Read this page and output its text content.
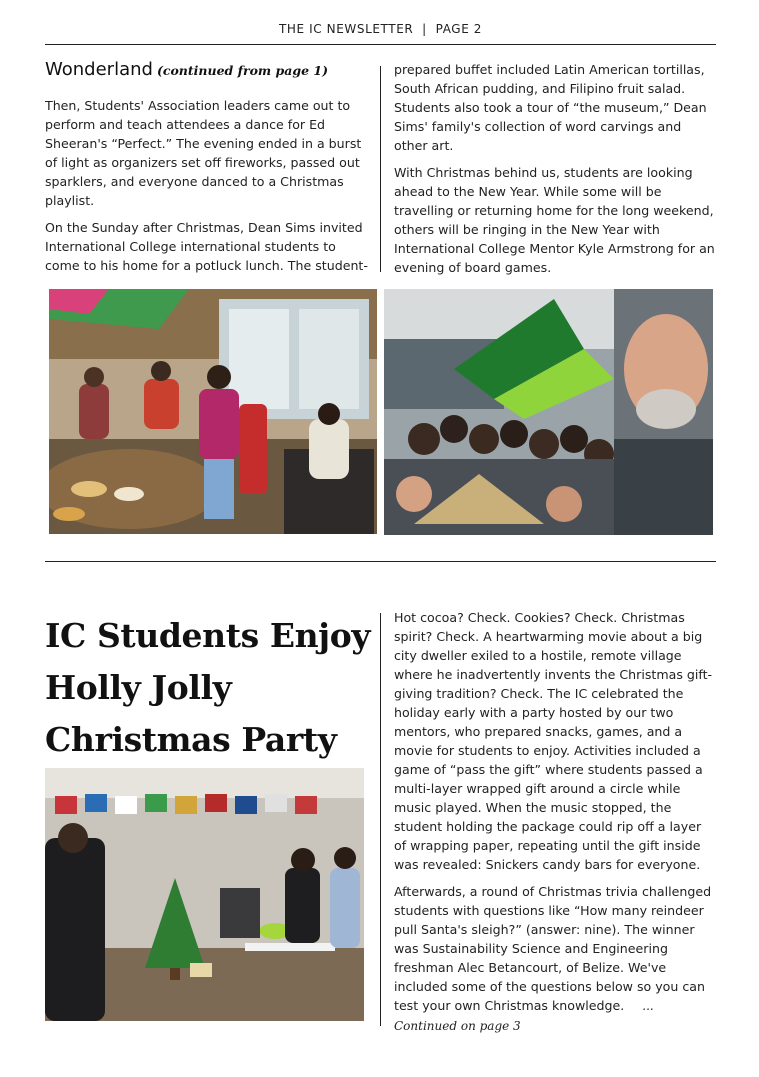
THE IC NEWSLETTER  |  PAGE 2
Wonderland (continued from page 1)

Then, Students' Association leaders came out to perform and teach attendees a dance for Ed Sheeran's “Perfect.” The evening ended in a burst of light as organizers set off fireworks, passed out sparklers, and everyone danced to a Christmas playlist.

On the Sunday after Christmas, Dean Sims invited International College international students to come to his home for a potluck lunch. The student-

prepared buffet included Latin American tortillas, South African pudding, and Filipino fruit salad. Students also took a tour of “the museum,” Dean Sims' family's collection of word carvings and other art.

With Christmas behind us, students are looking ahead to the New Year. While some will be travelling or returning home for the long weekend, others will be ringing in the New Year with International College Mentor Kyle Armstrong for an evening of board games.

IC Students Enjoy Holly Jolly Christmas Party

Hot cocoa? Check. Cookies? Check. Christmas spirit? Check. A heartwarming movie about a big city dweller exiled to a hostile, remote village where he inadvertently invents the Christmas gift-giving tradition? Check. The IC celebrated the holiday early with a party hosted by our two mentors, who prepared snacks, games, and a movie for students to enjoy. Activities included a game of “pass the gift” where students passed a multi-layer wrapped gift around a circle while music played. When the music stopped, the student holding the package could rip off a layer of wrapping paper, repeating until the gift inside was revealed: Snickers candy bars for everyone.

Afterwards, a round of Christmas trivia challenged students with questions like “How many reindeer pull Santa's sleigh?” (answer: nine). The winner was Sustainability Science and Engineering freshman Alec Betancourt, of Belize. We've included some of the questions below so you can test your own Christmas knowledge. ... Continued on page 3
